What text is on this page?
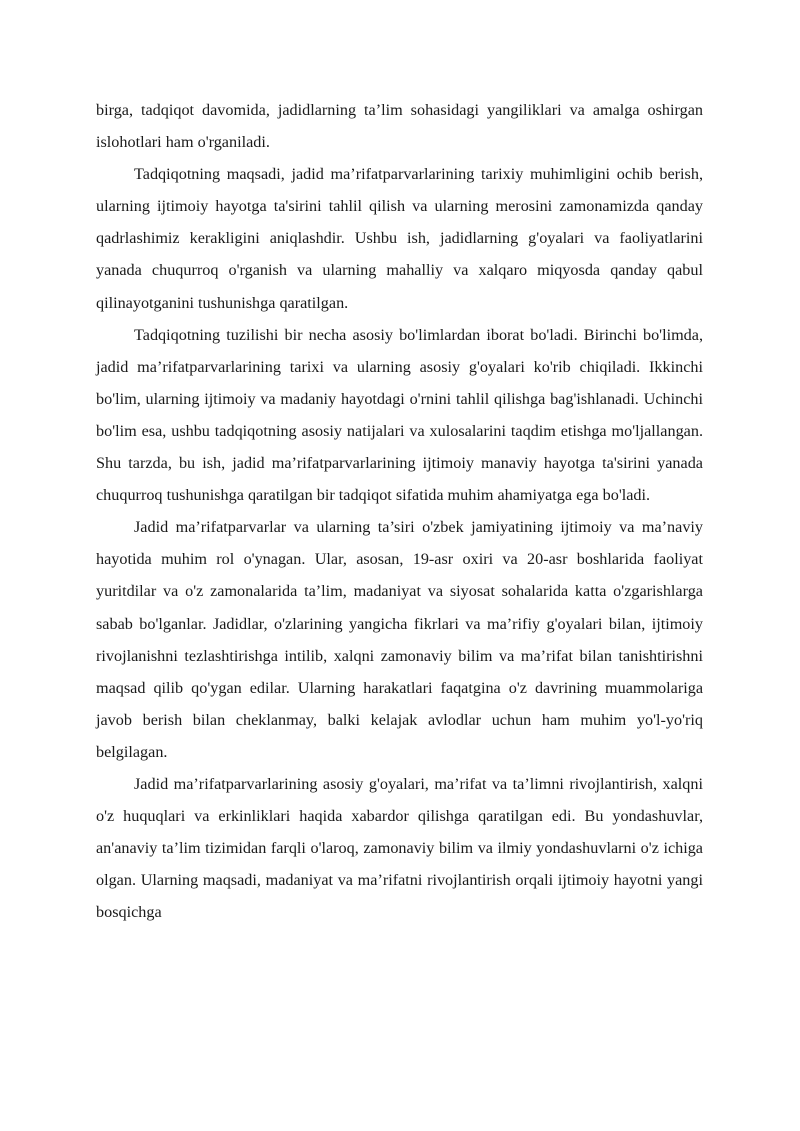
birga, tadqiqot davomida, jadidlarning ta’lim sohasidagi yangiliklari va amalga oshirgan islohotlari ham o'rganiladi.

Tadqiqotning maqsadi, jadid ma’rifatparvarlarining tarixiy muhimligini ochib berish, ularning ijtimoiy hayotga ta'sirini tahlil qilish va ularning merosini zamonamizda qanday qadrlashimiz kerakligini aniqlashdir. Ushbu ish, jadidlarning g'oyalari va faoliyatlarini yanada chuqurroq o'rganish va ularning mahalliy va xalqaro miqyosda qanday qabul qilinayotganini tushunishga qaratilgan.

Tadqiqotning tuzilishi bir necha asosiy bo'limlardan iborat bo'ladi. Birinchi bo'limda, jadid ma’rifatparvarlarining tarixi va ularning asosiy g'oyalari ko'rib chiqiladi. Ikkinchi bo'lim, ularning ijtimoiy va madaniy hayotdagi o'rnini tahlil qilishga bag'ishlanadi. Uchinchi bo'lim esa, ushbu tadqiqotning asosiy natijalari va xulosalarini taqdim etishga mo'ljallangan. Shu tarzda, bu ish, jadid ma’rifatparvarlarining ijtimoiy manaviy hayotga ta'sirini yanada chuqurroq tushunishga qaratilgan bir tadqiqot sifatida muhim ahamiyatga ega bo'ladi.

Jadid ma’rifatparvarlar va ularning ta’siri o'zbek jamiyatining ijtimoiy va ma’naviy hayotida muhim rol o'ynagan. Ular, asosan, 19-asr oxiri va 20-asr boshlarida faoliyat yuritdilar va o'z zamonalarida ta’lim, madaniyat va siyosat sohalarida katta o'zgarishlarga sabab bo'lganlar. Jadidlar, o'zlarining yangicha fikrlari va ma’rifiy g'oyalari bilan, ijtimoiy rivojlanishni tezlashtirishga intilib, xalqni zamonaviy bilim va ma’rifat bilan tanishtirishni maqsad qilib qo'ygan edilar. Ularning harakatlari faqatgina o'z davrining muammolariga javob berish bilan cheklanmay, balki kelajak avlodlar uchun ham muhim yo'l-yo'riq belgilagan.

Jadid ma’rifatparvarlarining asosiy g'oyalari, ma’rifat va ta’limni rivojlantirish, xalqni o'z huquqlari va erkinliklari haqida xabardor qilishga qaratilgan edi. Bu yondashuvlar, an'anaviy ta’lim tizimidan farqli o'laroq, zamonaviy bilim va ilmiy yondashuvlarni o'z ichiga olgan. Ularning maqsadi, madaniyat va ma’rifatni rivojlantirish orqali ijtimoiy hayotni yangi bosqichga
